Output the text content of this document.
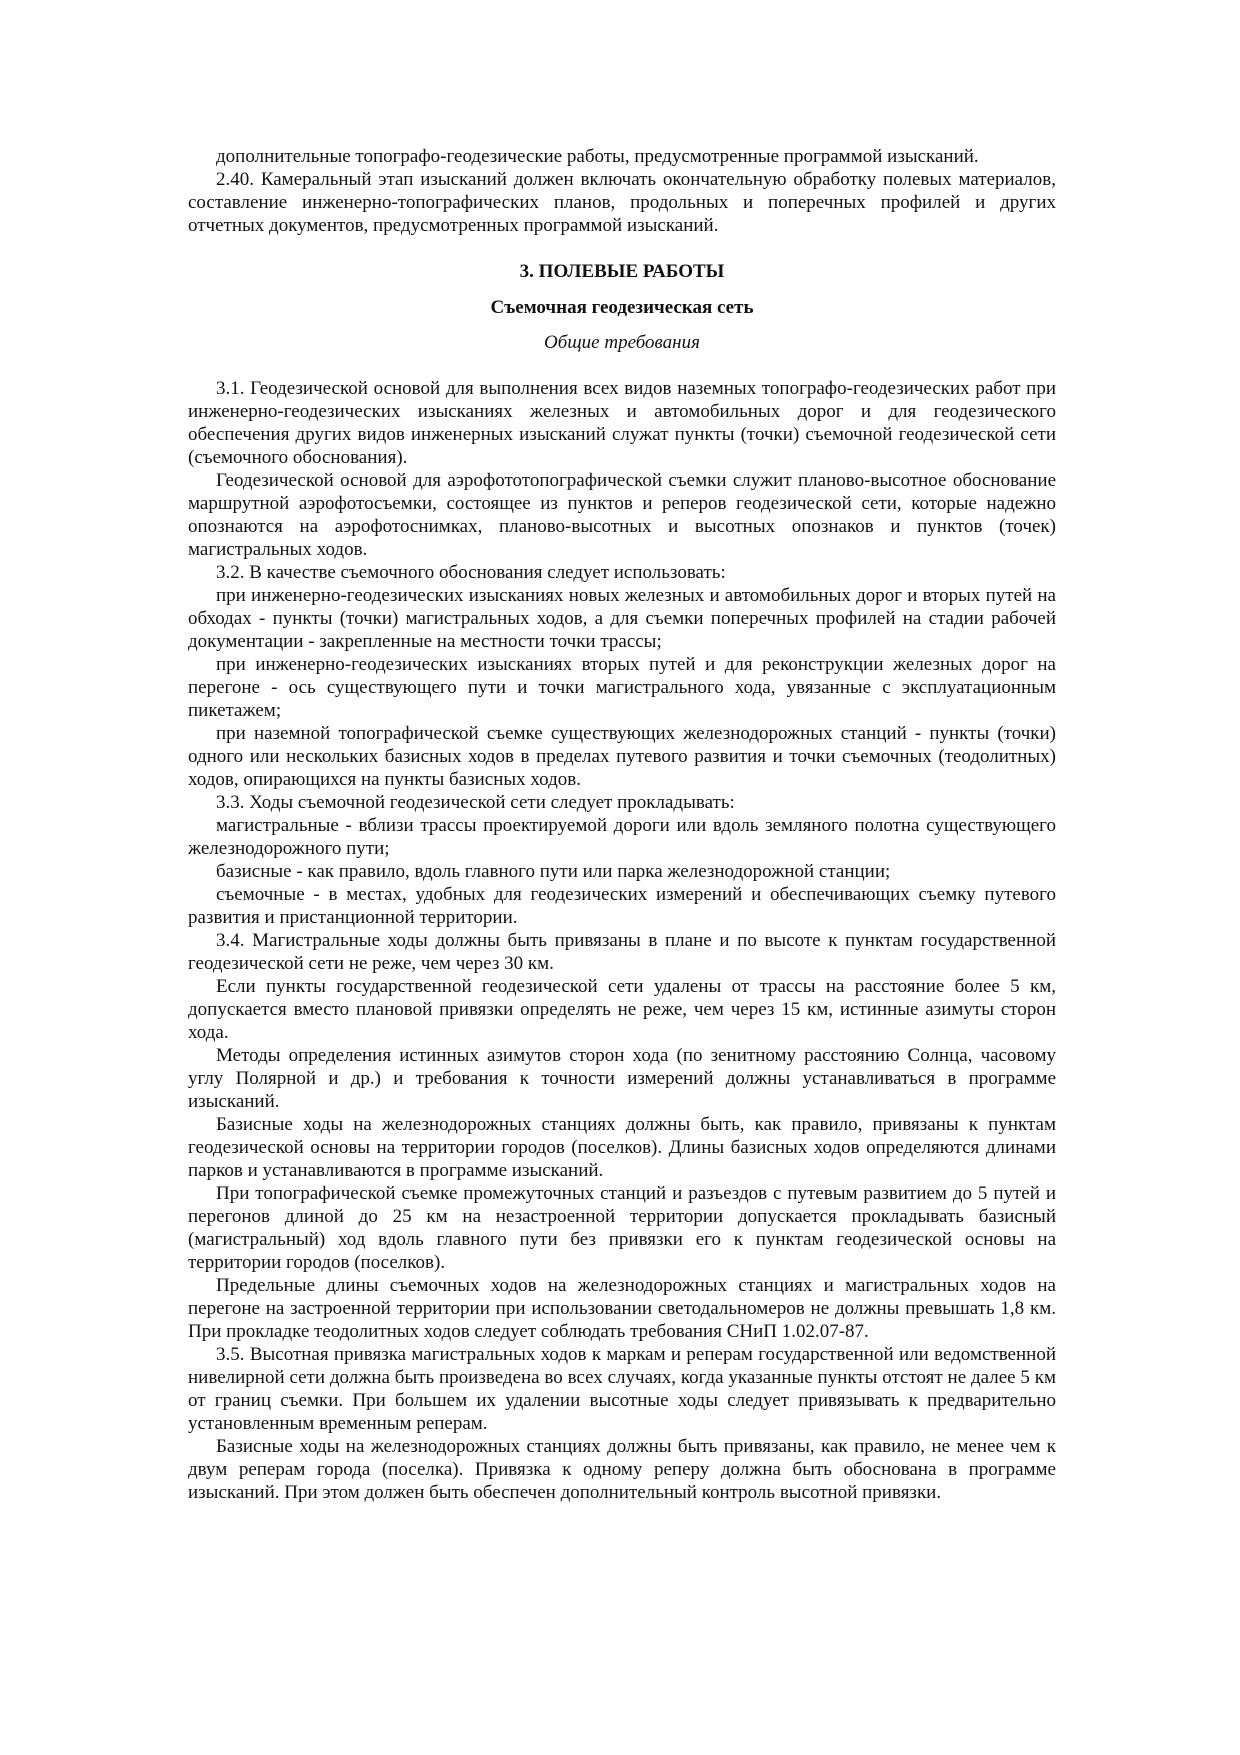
дополнительные топографо-геодезические работы, предусмотренные программой изысканий.

2.40. Камеральный этап изысканий должен включать окончательную обработку полевых материалов, составление инженерно-топографических планов, продольных и поперечных профилей и других отчетных документов, предусмотренных программой изысканий.

3. ПОЛЕВЫЕ РАБОТЫ
Съемочная геодезическая сеть
Общие требования

3.1. Геодезической основой для выполнения всех видов наземных топографо-геодезических работ при инженерно-геодезических изысканиях железных и автомобильных дорог и для геодезического обеспечения других видов инженерных изысканий служат пункты (точки) съемочной геодезической сети (съемочного обоснования).

Геодезической основой для аэрофототопографической съемки служит планово-высотное обоснование маршрутной аэрофотосъемки, состоящее из пунктов и реперов геодезической сети, которые надежно опознаются на аэрофотоснимках, планово-высотных и высотных опознаков и пунктов (точек) магистральных ходов.

3.2. В качестве съемочного обоснования следует использовать:

при инженерно-геодезических изысканиях новых железных и автомобильных дорог и вторых путей на обходах - пункты (точки) магистральных ходов, а для съемки поперечных профилей на стадии рабочей документации - закрепленные на местности точки трассы;

при инженерно-геодезических изысканиях вторых путей и для реконструкции железных дорог на перегоне - ось существующего пути и точки магистрального хода, увязанные с эксплуатационным пикетажем;

при наземной топографической съемке существующих железнодорожных станций - пункты (точки) одного или нескольких базисных ходов в пределах путевого развития и точки съемочных (теодолитных) ходов, опирающихся на пункты базисных ходов.

3.3. Ходы съемочной геодезической сети следует прокладывать:

магистральные - вблизи трассы проектируемой дороги или вдоль земляного полотна существующего железнодорожного пути;

базисные - как правило, вдоль главного пути или парка железнодорожной станции;

съемочные - в местах, удобных для геодезических измерений и обеспечивающих съемку путевого развития и пристанционной территории.

3.4. Магистральные ходы должны быть привязаны в плане и по высоте к пунктам государственной геодезической сети не реже, чем через 30 км.

Если пункты государственной геодезической сети удалены от трассы на расстояние более 5 км, допускается вместо плановой привязки определять не реже, чем через 15 км, истинные азимуты сторон хода.

Методы определения истинных азимутов сторон хода (по зенитному расстоянию Солнца, часовому углу Полярной и др.) и требования к точности измерений должны устанавливаться в программе изысканий.

Базисные ходы на железнодорожных станциях должны быть, как правило, привязаны к пунктам геодезической основы на территории городов (поселков). Длины базисных ходов определяются длинами парков и устанавливаются в программе изысканий.

При топографической съемке промежуточных станций и разъездов с путевым развитием до 5 путей и перегонов длиной до 25 км на незастроенной территории допускается прокладывать базисный (магистральный) ход вдоль главного пути без привязки его к пунктам геодезической основы на территории городов (поселков).

Предельные длины съемочных ходов на железнодорожных станциях и магистральных ходов на перегоне на застроенной территории при использовании светодальномеров не должны превышать 1,8 км. При прокладке теодолитных ходов следует соблюдать требования СНиП 1.02.07-87.

3.5. Высотная привязка магистральных ходов к маркам и реперам государственной или ведомственной нивелирной сети должна быть произведена во всех случаях, когда указанные пункты отстоят не далее 5 км от границ съемки. При большем их удалении высотные ходы следует привязывать к предварительно установленным временным реперам.

Базисные ходы на железнодорожных станциях должны быть привязаны, как правило, не менее чем к двум реперам города (поселка). Привязка к одному реперу должна быть обоснована в программе изысканий. При этом должен быть обеспечен дополнительный контроль высотной привязки.
